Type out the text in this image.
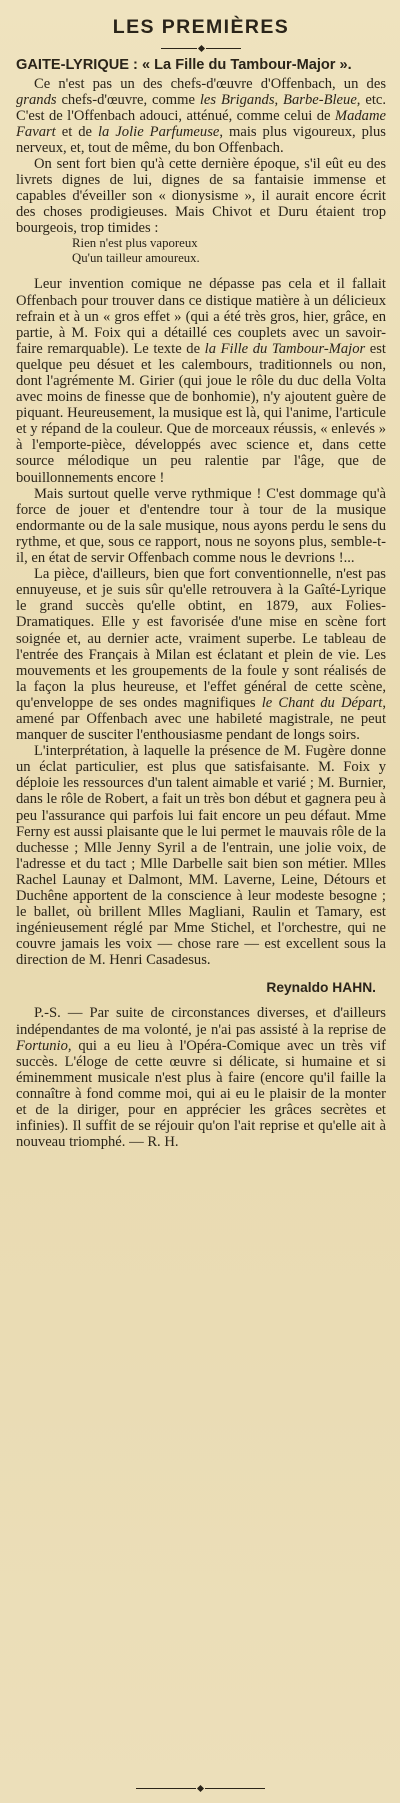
LES PREMIÈRES
GAITE-LYRIQUE : « La Fille du Tambour-Major ».

Ce n'est pas un des chefs-d'œuvre d'Offenbach, un des grands chefs-d'œuvre, comme les Brigands, Barbe-Bleue, etc. C'est de l'Offenbach adouci, atténué, comme celui de Madame Favart et de la Jolie Parfumeuse, mais plus vigoureux, plus nerveux, et, tout de même, du bon Offenbach.

On sent fort bien qu'à cette dernière époque, s'il eût eu des livrets dignes de lui, dignes de sa fantaisie immense et capables d'éveiller son « dionysisme », il aurait encore écrit des choses prodigieuses. Mais Chivot et Duru étaient trop bourgeois, trop timides :

Rien n'est plus vaporeux
Qu'un tailleur amoureux.

Leur invention comique ne dépasse pas cela et il fallait Offenbach pour trouver dans ce distique matière à un délicieux refrain et à un « gros effet » (qui a été très gros, hier, grâce, en partie, à M. Foix qui a détaillé ces couplets avec un savoir-faire remarquable). Le texte de la Fille du Tambour-Major est quelque peu désuet et les calembours, traditionnels ou non, dont l'agrémente M. Girier (qui joue le rôle du duc della Volta avec moins de finesse que de bonhomie), n'y ajoutent guère de piquant. Heureusement, la musique est là, qui l'anime, l'articule et y répand de la couleur. Que de morceaux réussis, « enlevés » à l'emporte-pièce, développés avec science et, dans cette source mélodique un peu ralentie par l'âge, que de bouillonnements encore !

Mais surtout quelle verve rythmique ! C'est dommage qu'à force de jouer et d'entendre tour à tour de la musique endormante ou de la sale musique, nous ayons perdu le sens du rythme, et que, sous ce rapport, nous ne soyons plus, semble-t-il, en état de servir Offenbach comme nous le devrions !...

La pièce, d'ailleurs, bien que fort conventionnelle, n'est pas ennuyeuse, et je suis sûr qu'elle retrouvera à la Gaîté-Lyrique le grand succès qu'elle obtint, en 1879, aux Folies-Dramatiques. Elle y est favorisée d'une mise en scène fort soignée et, au dernier acte, vraiment superbe. Le tableau de l'entrée des Français à Milan est éclatant et plein de vie. Les mouvements et les groupements de la foule y sont réalisés de la façon la plus heureuse, et l'effet général de cette scène, qu'enveloppe de ses ondes magnifiques le Chant du Départ, amené par Offenbach avec une habileté magistrale, ne peut manquer de susciter l'enthousiasme pendant de longs soirs.

L'interprétation, à laquelle la présence de M. Fugère donne un éclat particulier, est plus que satisfaisante. M. Foix y déploie les ressources d'un talent aimable et varié ; M. Burnier, dans le rôle de Robert, a fait un très bon début et gagnera peu à peu l'assurance qui parfois lui fait encore un peu défaut. Mme Ferny est aussi plaisante que le lui permet le mauvais rôle de la duchesse ; Mlle Jenny Syril a de l'entrain, une jolie voix, de l'adresse et du tact ; Mlle Darbelle sait bien son métier. Mlles Rachel Launay et Dalmont, MM. Laverne, Leine, Détours et Duchêne apportent de la conscience à leur modeste besogne ; le ballet, où brillent Mlles Magliani, Raulin et Tamary, est ingénieusement réglé par Mme Stichel, et l'orchestre, qui ne couvre jamais les voix — chose rare — est excellent sous la direction de M. Henri Casadesus.

Reynaldo HAHN.

P.-S. — Par suite de circonstances diverses, et d'ailleurs indépendantes de ma volonté, je n'ai pas assisté à la reprise de Fortunio, qui a eu lieu à l'Opéra-Comique avec un très vif succès. L'éloge de cette œuvre si délicate, si humaine et si éminemment musicale n'est plus à faire (encore qu'il faille la connaître à fond comme moi, qui ai eu le plaisir de la monter et de la diriger, pour en apprécier les grâces secrètes et infinies). Il suffit de se réjouir qu'on l'ait reprise et qu'elle ait à nouveau triomphé. — R. H.
